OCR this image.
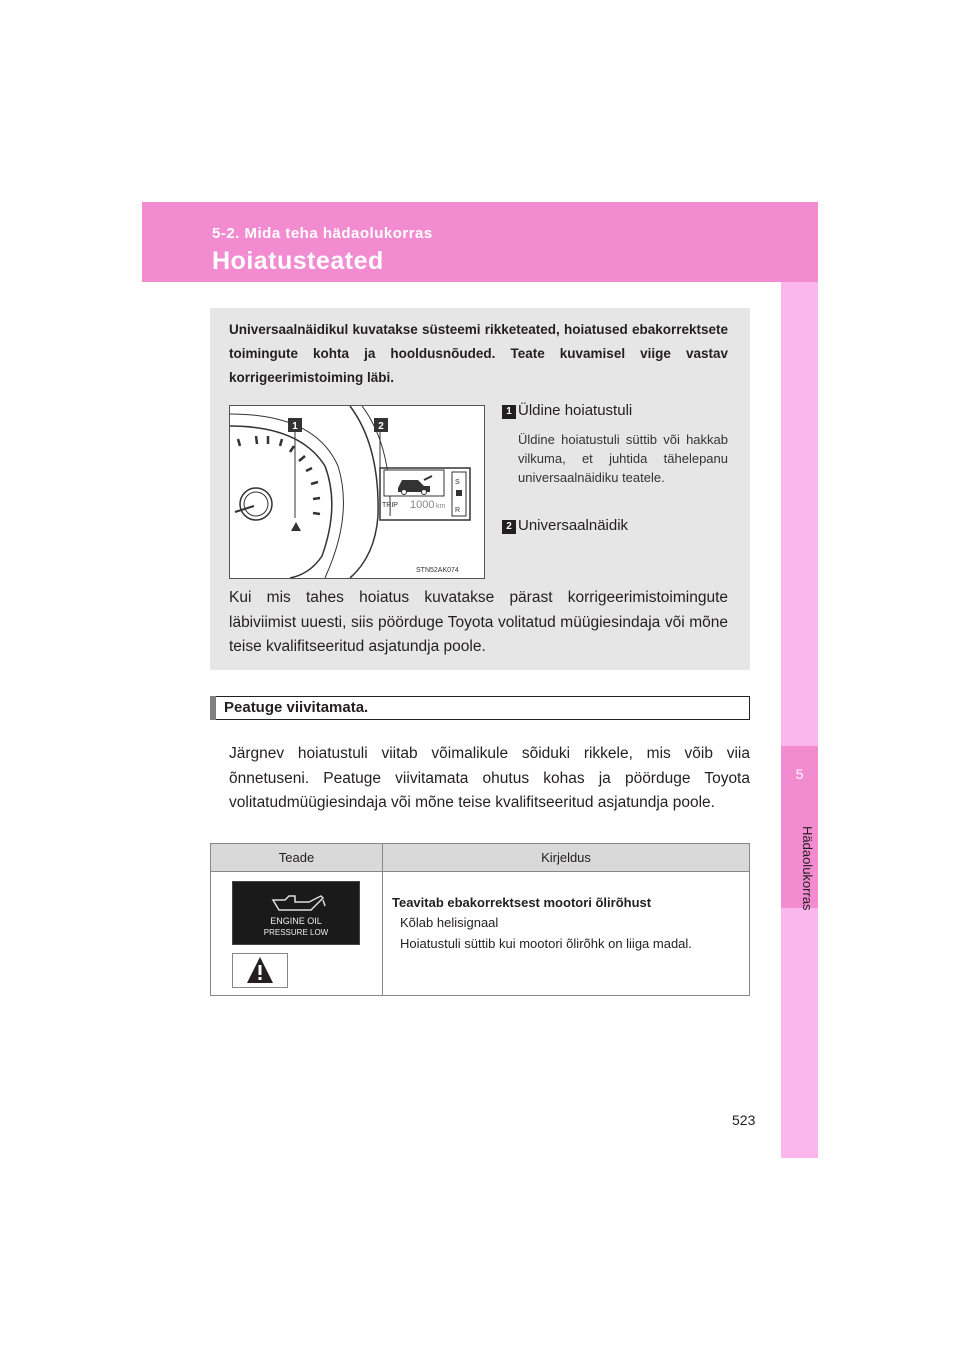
5-2. Mida teha hädaolukorras
Hoiatusteated
5
Hädaolukorras
Universaalnäidikul kuvatakse süsteemi rikketeated, hoiatused ebakorrektsete toimingute kohta ja hooldusnõuded. Teate kuvamisel viige vastav korrigeerimistoiming läbi.
S
R
1	2
TRIP 1000 km
STN52AK074
1 Üldine hoiatustuli
Üldine hoiatustuli süttib või hakkab vilkuma, et juhtida tähelepanu universaalnäidiku teatele.
2 Universaalnäidik
Kui mis tahes hoiatus kuvatakse pärast korrigeerimistoimingute läbiviimist uuesti, siis pöörduge Toyota volitatud müügiesindaja või mõne teise kvalifitseeritud asjatundja poole.
Peatuge viivitamata.
Järgnev hoiatustuli viitab võimalikule sõiduki rikkele, mis võib viia õnnetuseni. Peatuge viivitamata ohutus kohas ja pöörduge Toyota volitatudmüügiesindaja või mõne teise kvalifitseeritud asjatundja poole.
Teade	Kirjeldus
ENGINE OIL
PRESSURE LOW
Teavitab ebakorrektsest mootori õlirõhust
Kõlab helisignaal
Hoiatustuli süttib kui mootori õlirõhk on liiga madal.
523
